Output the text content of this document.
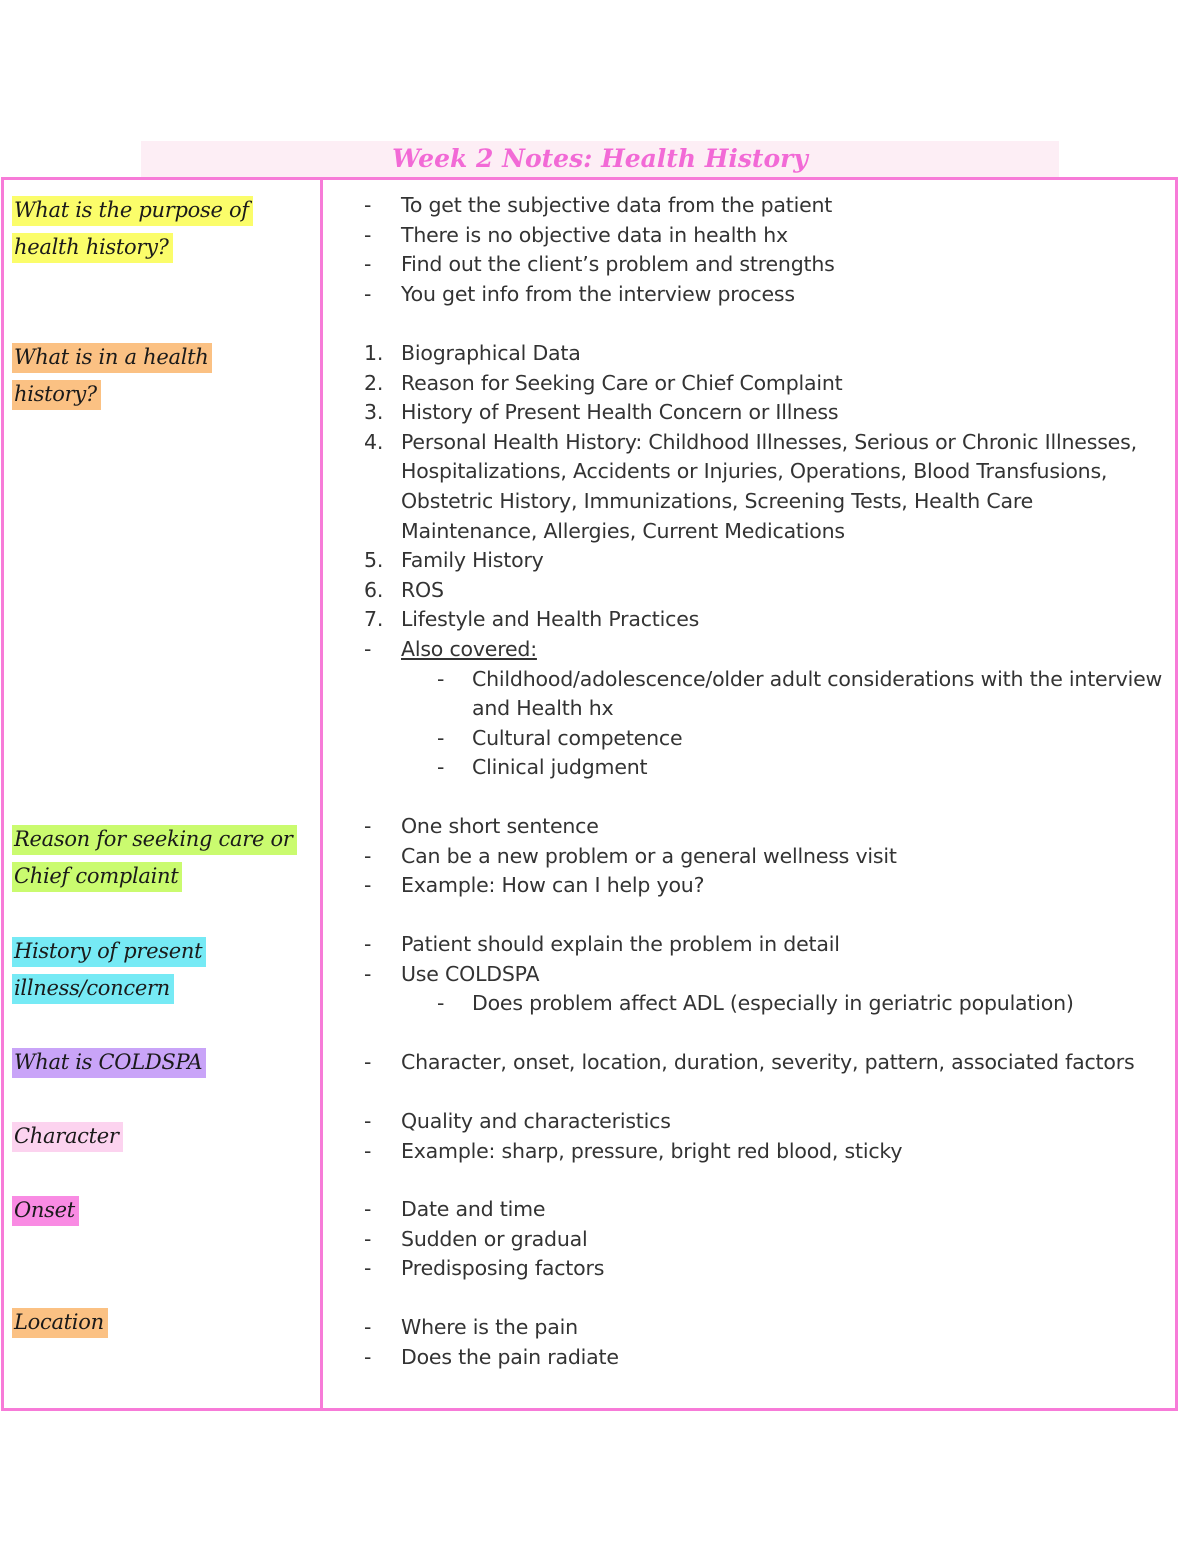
Week 2 Notes: Health History
What is the purpose of health history?
What is in a health history?
Reason for seeking care or Chief complaint
History of present illness/concern
What is COLDSPA
Character
Onset
Location
- To get the subjective data from the patient
- There is no objective data in health hx
- Find out the client’s problem and strengths
- You get info from the interview process
1. Biographical Data
2. Reason for Seeking Care or Chief Complaint
3. History of Present Health Concern or Illness
4. Personal Health History: Childhood Illnesses, Serious or Chronic Illnesses, Hospitalizations, Accidents or Injuries, Operations, Blood Transfusions, Obstetric History, Immunizations, Screening Tests, Health Care Maintenance, Allergies, Current Medications
5. Family History
6. ROS
7. Lifestyle and Health Practices
- Also covered:
- Childhood/adolescence/older adult considerations with the interview and Health hx
- Cultural competence
- Clinical judgment
- One short sentence
- Can be a new problem or a general wellness visit
- Example: How can I help you?
- Patient should explain the problem in detail
- Use COLDSPA
- Does problem affect ADL (especially in geriatric population)
- Character, onset, location, duration, severity, pattern, associated factors
- Quality and characteristics
- Example: sharp, pressure, bright red blood, sticky
- Date and time
- Sudden or gradual
- Predisposing factors
- Where is the pain
- Does the pain radiate
